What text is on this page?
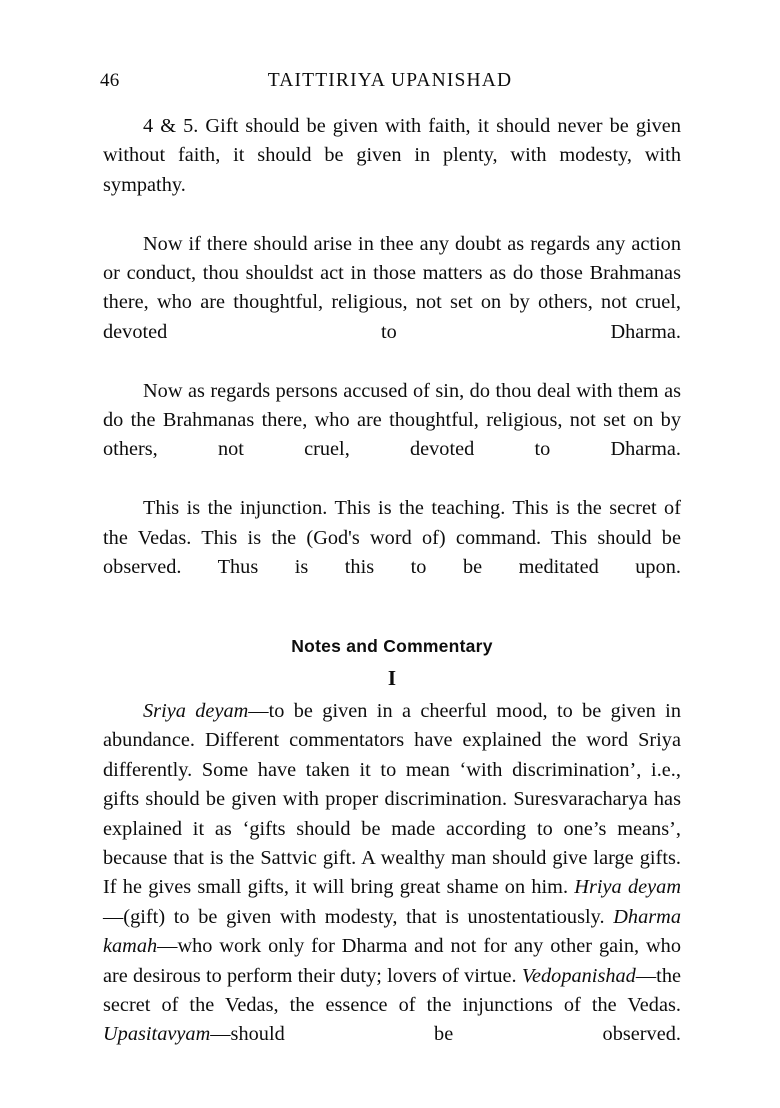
46	TAITTIRIYA UPANISHAD

4 & 5. Gift should be given with faith, it should never be given without faith, it should be given in plenty, with modesty, with sympathy.

Now if there should arise in thee any doubt as regards any action or conduct, thou shouldst act in those matters as do those Brahmanas there, who are thoughtful, religious, not set on by others, not cruel, devoted to Dharma.

Now as regards persons accused of sin, do thou deal with them as do the Brahmanas there, who are thoughtful, religious, not set on by others, not cruel, devoted to Dharma.

This is the injunction. This is the teaching. This is the secret of the Vedas. This is the (God's word of) command. This should be observed. Thus is this to be meditated upon.

Notes and Commentary
I

Sriya deyam—to be given in a cheerful mood, to be given in abundance. Different commentators have explained the word Sriya differently. Some have taken it to mean ‘with discrimination’, i.e., gifts should be given with proper discrimination. Suresvaracharya has explained it as ‘gifts should be made according to one’s means’, because that is the Sattvic gift. A wealthy man should give large gifts. If he gives small gifts, it will bring great shame on him. Hriya deyam—(gift) to be given with modesty, that is unostentatiously. Dharma kamah—who work only for Dharma and not for any other gain, who are desirous to perform their duty; lovers of virtue. Vedopanishad—the secret of the Vedas, the essence of the injunctions of the Vedas. Upasitavyam—should be observed.
